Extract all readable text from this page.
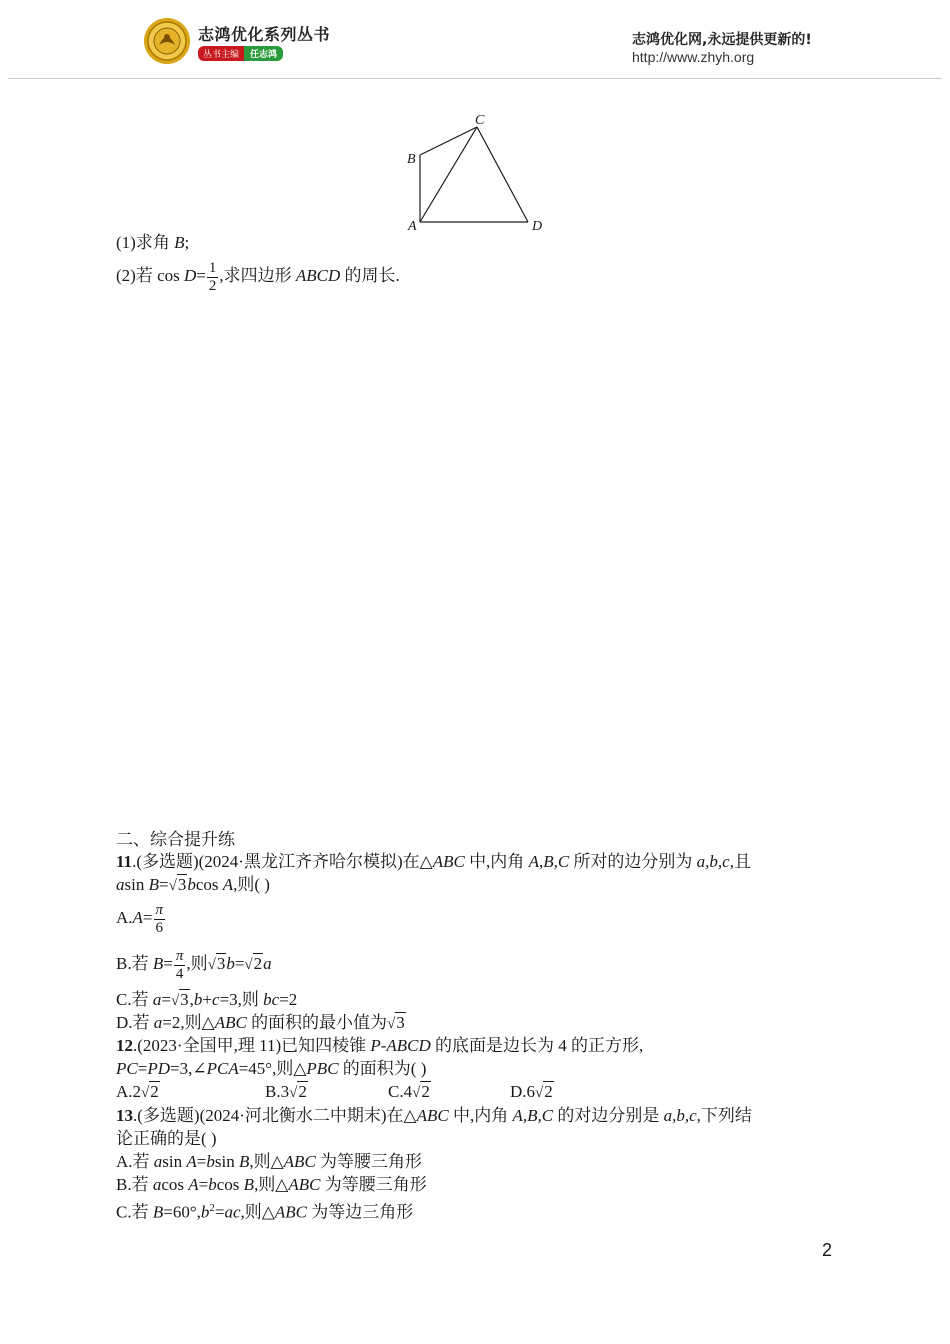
志鸿优化系列丛书
丛书主编	任志鸿
志鸿优化网,永远提供更新的!
http://www.zhyh.org
A
B
C
D
(1)求角 B;
(2)若 $\cos D= \frac{1}{2}$ ,求四边形 ABCD 的周长.
二、综合提升练
11.(多选题)(2024·黑龙江齐齐哈尔模拟)在△ABC 中,内角 A,B,C 所对的边分别为 a,b,c,且
asin B=√3bcos A,则( )
$A.A= \frac{\pi}{6}$
B.若 $B= \frac{\pi}{4}$ ,则√3b=√2a
C.若 a=√3,b+c=3,则 bc=2
D.若 a=2,则△ABC 的面积的最小值为√3
12.(2023·全国甲,理 11)已知四棱锥 P-ABCD 的底面是边长为 4 的正方形,
PC=PD=3,∠PCA=45°,则△PBC 的面积为( )
A.2√2	B.3√2	C.4√2	D.6√2
13.(多选题)(2024·河北衡水二中期末)在△ABC 中,内角 A,B,C 的对边分别是 a,b,c,下列结
论正确的是( )
A.若 asin A=bsin B,则△ABC 为等腰三角形
B.若 acos A=bcos B,则△ABC 为等腰三角形
C.若 $B=60^\circ,b^2=ac$,则△ABC 为等边三角形
2
